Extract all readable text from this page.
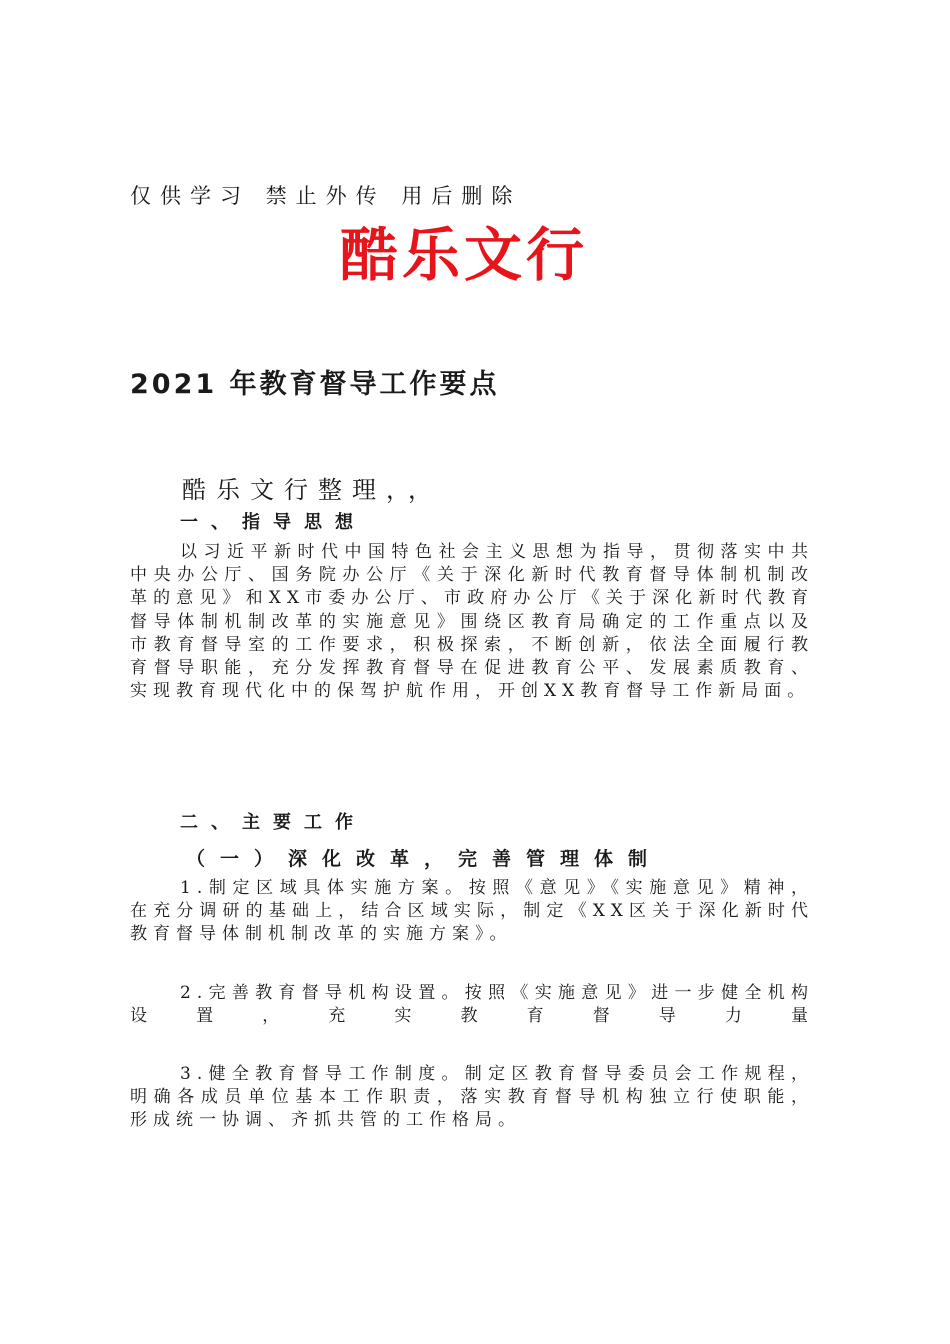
仅供学习 禁止外传 用后删除
酷乐文行
2021 年教育督导工作要点
酷乐文行整理，，
一、指导思想
以习近平新时代中国特色社会主义思想为指导，贯彻落实中共中央办公厅、国务院办公厅《关于深化新时代教育督导体制机制改革的意见》和XX市委办公厅、市政府办公厅《关于深化新时代教育督导体制机制改革的实施意见》围绕区教育局确定的工作重点以及市教育督导室的工作要求，积极探索，不断创新，依法全面履行教育督导职能，充分发挥教育督导在促进教育公平、发展素质教育、实现教育现代化中的保驾护航作用，开创XX教育督导工作新局面。
二、主要工作
（一）深化改革，完善管理体制
1.制定区域具体实施方案。按照《意见》《实施意见》精神，在充分调研的基础上，结合区域实际，制定《XX区关于深化新时代教育督导体制机制改革的实施方案》。
2.完善教育督导机构设置。按照《实施意见》进一步健全机构设置，充实教育督导力量
3.健全教育督导工作制度。制定区教育督导委员会工作规程，明确各成员单位基本工作职责，落实教育督导机构独立行使职能，形成统一协调、齐抓共管的工作格局。
